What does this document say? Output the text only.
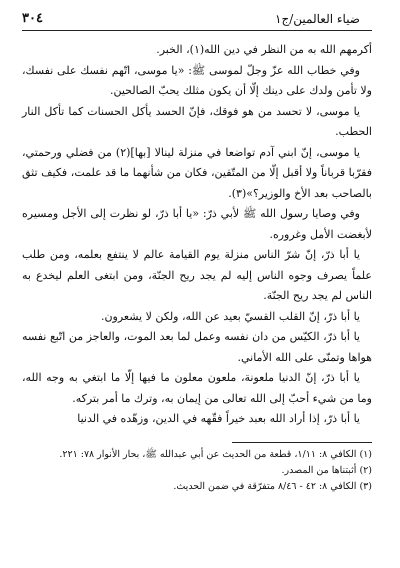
ضياء العالمين/ج١
٣٠٤

أكرمهم الله به من النظر في دين الله(١)، الخبر.

وفي خطاب الله عزّ وجلّ لموسى ﷺ: «يا موسى، اتّهم نفسك على نفسك، ولا تأمن ولدك على دينك إلّا أن يكون مثلك يحبّ الصالحين.

يا موسى، لا تحسد من هو فوقك، فإنّ الحسد يأكل الحسنات كما تأكل النار الحطب.

يا موسى، إنّ ابني آدم تواضعا في منزلة لينالا [بها](٢) من فضلي ورحمتي، فقرّبا قرباناً ولا أقبل إلّا من المتّقين، فكان من شأنهما ما قد علمت، فكيف تثق بالصاحب بعد الأخ والوزير؟»(٣).

وفي وصايا رسول الله ﷺ لأبي ذرّ: «يا أبا ذرّ، لو نظرت إلى الأجل ومسيره لأبغضت الأمل وغروره.

يا أبا ذرّ، إنّ شرّ الناس منزلة يوم القيامة عالم لا ينتفع بعلمه، ومن طلب علماً يصرف وجوه الناس إليه لم يجد ريح الجنّة، ومن ابتغى العلم ليخدع به الناس لم يجد ريح الجنّة.

يا أبا ذرّ، إنّ القلب القسيّ بعيد عن الله، ولكن لا يشعرون.

يا أبا ذرّ، الكيّس من دان نفسه وعمل لما بعد الموت، والعاجز من اتّبع نفسه هواها وتمنّى على الله الأماني.

يا أبا ذرّ، إنّ الدنيا ملعونة، ملعون معلون ما فيها إلّا ما ابتغي به وجه الله، وما من شيء أحبّ إلى الله تعالى من إيمان به، وترك ما أمر بتركه.

يا أبا ذرّ، إذا أراد الله بعبد خيراً فقّهه في الدين، وزهّده في الدنيا

(١) الكافي ٨: ١/١١، قطعة من الحديث عن أبي عبدالله ﷺ، بحار الأنوار ٧٨: ٢٢١.

(٢) أثبتناها من المصدر.

(٣) الكافي ٨: ٤٢ - ٨/٤٦ متفرّقة في ضمن الحديث.
